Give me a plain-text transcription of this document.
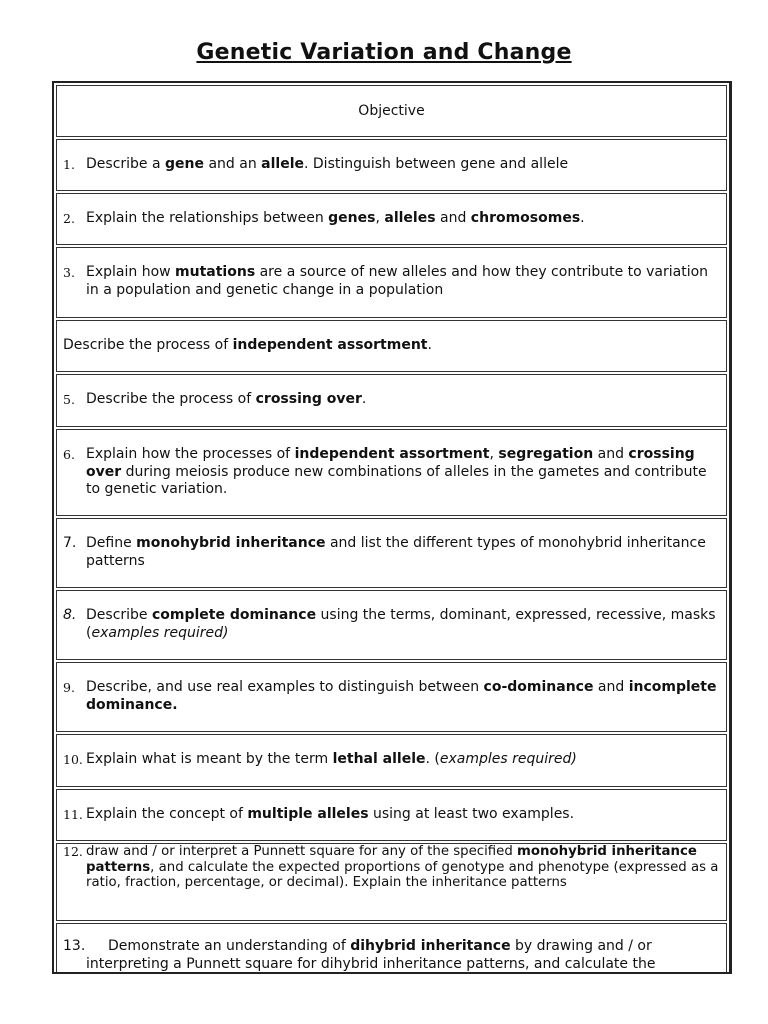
Genetic Variation and Change
Objective
1. Describe a gene and an allele. Distinguish between gene and allele
2. Explain the relationships between genes, alleles and chromosomes.
3. Explain how mutations are a source of new alleles and how they contribute to variation in a population and genetic change in a population
Describe the process of independent assortment.
5. Describe the process of crossing over.
6. Explain how the processes of independent assortment, segregation and crossing over during meiosis produce new combinations of alleles in the gametes and contribute to genetic variation.
7. Define monohybrid inheritance and list the different types of monohybrid inheritance patterns
8. Describe complete dominance using the terms, dominant, expressed, recessive, masks (examples required)
9. Describe, and use real examples to distinguish between co-dominance and incomplete dominance.
10. Explain what is meant by the term lethal allele. (examples required)
11. Explain the concept of multiple alleles using at least two examples.
12. draw and / or interpret a Punnett square for any of the specified monohybrid inheritance patterns, and calculate the expected proportions of genotype and phenotype (expressed as a ratio, fraction, percentage, or decimal). Explain the inheritance patterns
13.	Demonstrate an understanding of dihybrid inheritance by drawing and / or interpreting a Punnett square for dihybrid inheritance patterns, and calculate the
